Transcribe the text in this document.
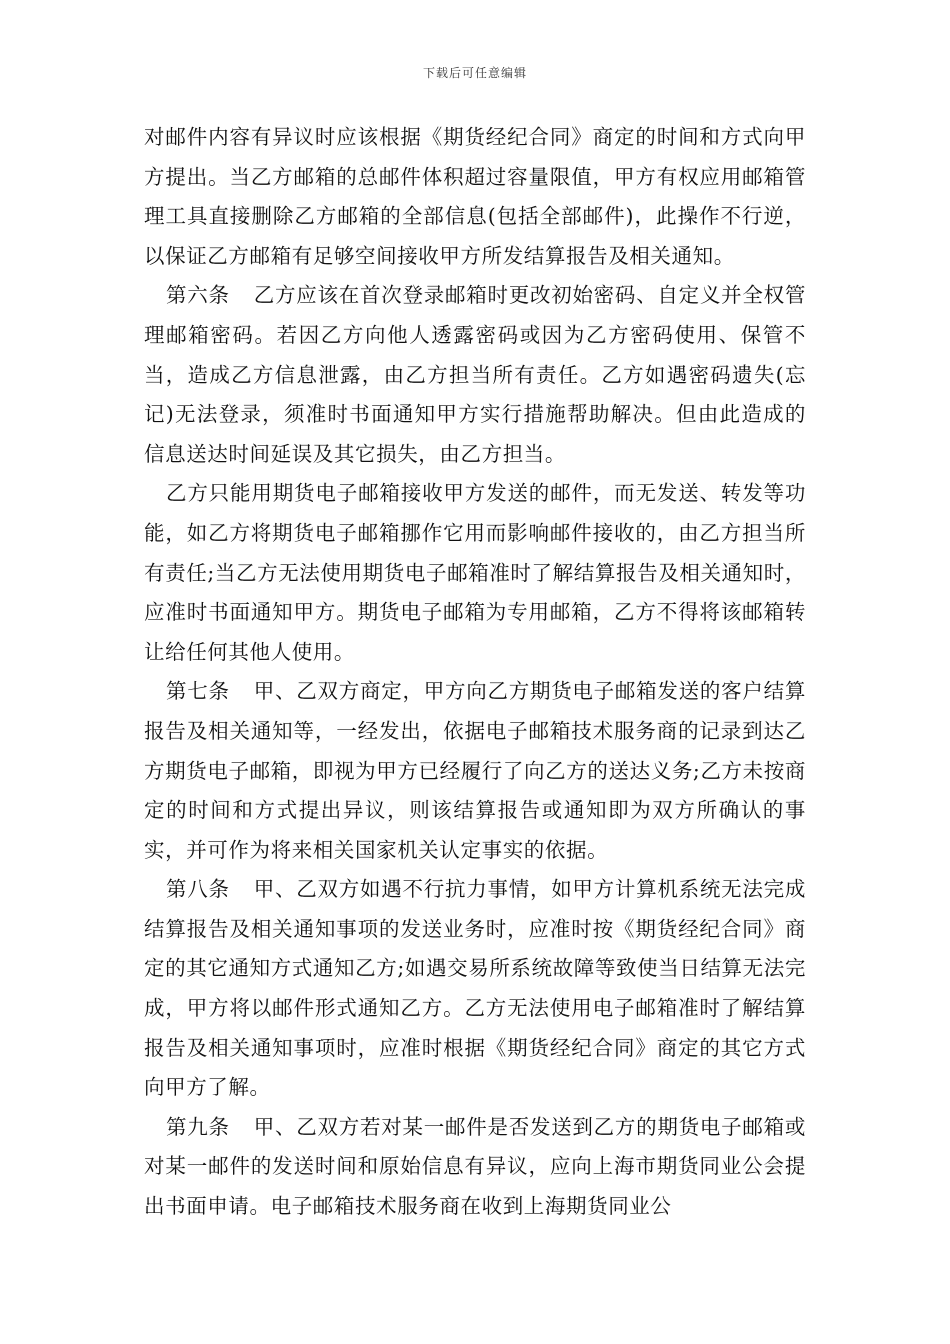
下载后可任意编辑

对邮件内容有异议时应该根据《期货经纪合同》商定的时间和方式向甲方提出。当乙方邮箱的总邮件体积超过容量限值，甲方有权应用邮箱管理工具直接删除乙方邮箱的全部信息(包括全部邮件)，此操作不行逆，以保证乙方邮箱有足够空间接收甲方所发结算报告及相关通知。

第六条 乙方应该在首次登录邮箱时更改初始密码、自定义并全权管理邮箱密码。若因乙方向他人透露密码或因为乙方密码使用、保管不当，造成乙方信息泄露，由乙方担当所有责任。乙方如遇密码遗失(忘记)无法登录，须准时书面通知甲方实行措施帮助解决。但由此造成的信息送达时间延误及其它损失，由乙方担当。

乙方只能用期货电子邮箱接收甲方发送的邮件，而无发送、转发等功能，如乙方将期货电子邮箱挪作它用而影响邮件接收的，由乙方担当所有责任;当乙方无法使用期货电子邮箱准时了解结算报告及相关通知时，应准时书面通知甲方。期货电子邮箱为专用邮箱，乙方不得将该邮箱转让给任何其他人使用。

第七条 甲、乙双方商定，甲方向乙方期货电子邮箱发送的客户结算报告及相关通知等，一经发出，依据电子邮箱技术服务商的记录到达乙方期货电子邮箱，即视为甲方已经履行了向乙方的送达义务;乙方未按商定的时间和方式提出异议，则该结算报告或通知即为双方所确认的事实，并可作为将来相关国家机关认定事实的依据。

第八条 甲、乙双方如遇不行抗力事情，如甲方计算机系统无法完成结算报告及相关通知事项的发送业务时，应准时按《期货经纪合同》商定的其它通知方式通知乙方;如遇交易所系统故障等致使当日结算无法完成，甲方将以邮件形式通知乙方。乙方无法使用电子邮箱准时了解结算报告及相关通知事项时，应准时根据《期货经纪合同》商定的其它方式向甲方了解。

第九条 甲、乙双方若对某一邮件是否发送到乙方的期货电子邮箱或对某一邮件的发送时间和原始信息有异议，应向上海市期货同业公会提出书面申请。电子邮箱技术服务商在收到上海期货同业公
